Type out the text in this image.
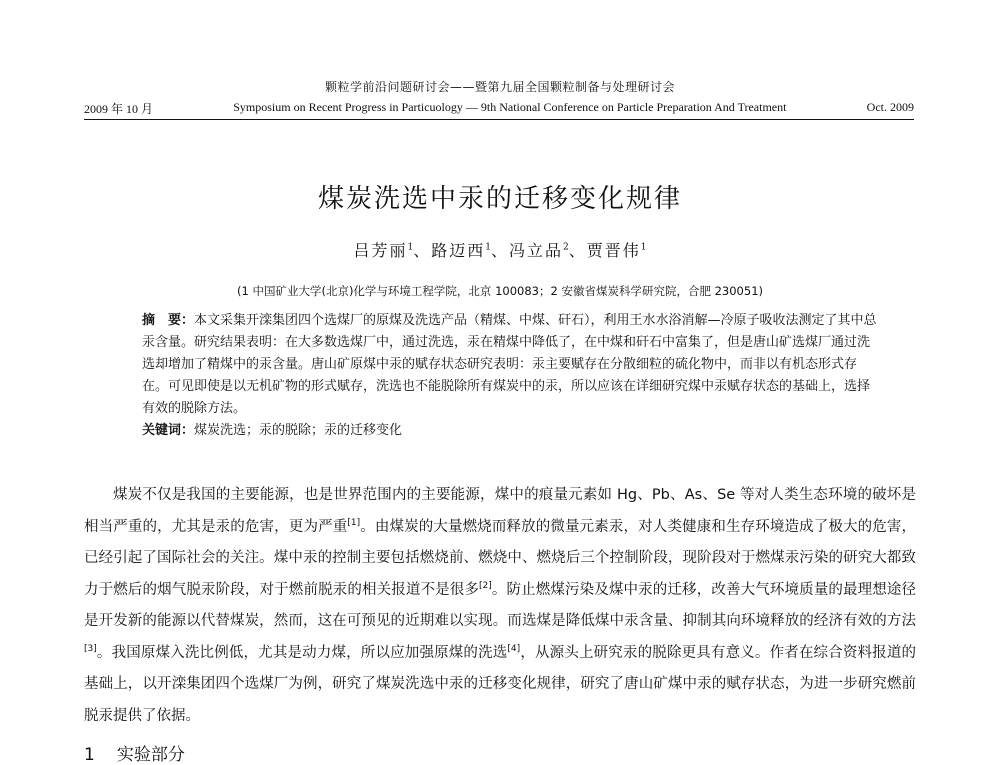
颗粒学前沿问题研讨会——暨第九届全国颗粒制备与处理研讨会
2009 年 10 月	Symposium on Recent Progress in Particuology — 9th National Conference on Particle Preparation And Treatment	Oct. 2009
煤炭洗选中汞的迁移变化规律
吕芳丽$^1$、路迈西$^1$、冯立品$^2$、贾晋伟$^1$
(1 中国矿业大学(北京)化学与环境工程学院，北京 100083；2 安徽省煤炭科学研究院，合肥 230051)
摘　要：本文采集开滦集团四个选煤厂的原煤及洗选产品（精煤、中煤、矸石），利用王水水浴消解—冷原子吸收法测定了其中总汞含量。研究结果表明：在大多数选煤厂中，通过洗选，汞在精煤中降低了，在中煤和矸石中富集了，但是唐山矿选煤厂通过洗选却增加了精煤中的汞含量。唐山矿原煤中汞的赋存状态研究表明：汞主要赋存在分散细粒的硫化物中，而非以有机态形式存在。可见即使是以无机矿物的形式赋存，洗选也不能脱除所有煤炭中的汞，所以应该在详细研究煤中汞赋存状态的基础上，选择有效的脱除方法。
关键词：煤炭洗选；汞的脱除；汞的迁移变化
煤炭不仅是我国的主要能源，也是世界范围内的主要能源，煤中的痕量元素如 Hg、Pb、As、Se 等对人类生态环境的破坏是相当严重的，尤其是汞的危害，更为严重[1]。由煤炭的大量燃烧而释放的微量元素汞，对人类健康和生存环境造成了极大的危害，已经引起了国际社会的关注。煤中汞的控制主要包括燃烧前、燃烧中、燃烧后三个控制阶段，现阶段对于燃煤汞污染的研究大都致力于燃后的烟气脱汞阶段，对于燃前脱汞的相关报道不是很多[2]。防止燃煤污染及煤中汞的迁移，改善大气环境质量的最理想途径是开发新的能源以代替煤炭，然而，这在可预见的近期难以实现。而选煤是降低煤中汞含量、抑制其向环境释放的经济有效的方法[3]。我国原煤入洗比例低，尤其是动力煤，所以应加强原煤的洗选[4]，从源头上研究汞的脱除更具有意义。作者在综合资料报道的基础上，以开滦集团四个选煤厂为例，研究了煤炭洗选中汞的迁移变化规律，研究了唐山矿煤中汞的赋存状态，为进一步研究燃前脱汞提供了依据。
1 实验部分
